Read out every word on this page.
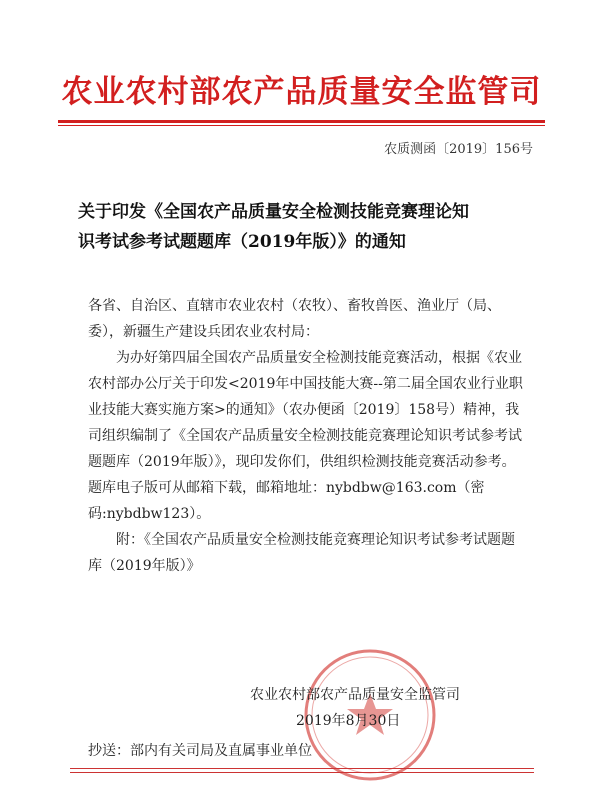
农业农村部农产品质量安全监管司
农质测函〔2019〕156号
关于印发《全国农产品质量安全检测技能竞赛理论知
识考试参考试题题库（2019年版）》的通知

各省、自治区、直辖市农业农村（农牧）、畜牧兽医、渔业厅（局、委），新疆生产建设兵团农业农村局：

为办好第四届全国农产品质量安全检测技能竞赛活动，根据《农业农村部办公厅关于印发<2019年中国技能大赛--第二届全国农业行业职业技能大赛实施方案>的通知》（农办便函〔2019〕158号）精神，我司组织编制了《全国农产品质量安全检测技能竞赛理论知识考试参考试题题库（2019年版）》，现印发你们，供组织检测技能竞赛活动参考。题库电子版可从邮箱下载，邮箱地址：nybdbw@163.com（密码:nybdbw123）。

附：《全国农产品质量安全检测技能竞赛理论知识考试参考试题题库（2019年版）》

农业农村部农产品质量安全监管司
2019年8月30日
抄送：部内有关司局及直属事业单位
